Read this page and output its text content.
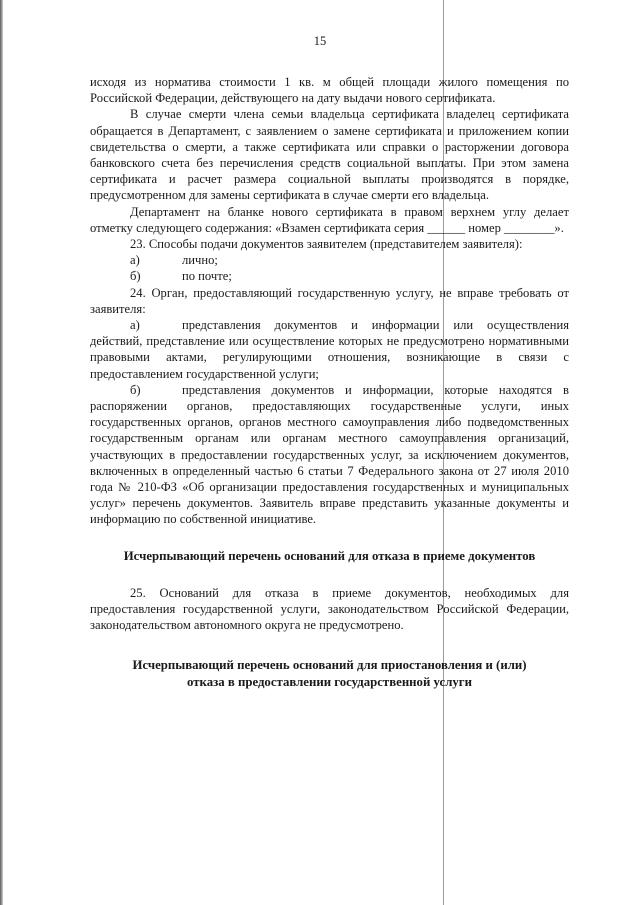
15

исходя из норматива стоимости 1 кв. м общей площади жилого помещения по Российской Федерации, действующего на дату выдачи нового сертификата.

В случае смерти члена семьи владельца сертификата владелец сертификата обращается в Департамент, с заявлением о замене сертификата и приложением копии свидетельства о смерти, а также сертификата или справки о расторжении договора банковского счета без перечисления средств социальной выплаты. При этом замена сертификата и расчет размера социальной выплаты производятся в порядке, предусмотренном для замены сертификата в случае смерти его владельца.

Департамент на бланке нового сертификата в правом верхнем углу делает отметку следующего содержания: «Взамен сертификата серия ______ номер ________».

23. Способы подачи документов заявителем (представителем заявителя):

а)	лично;

б)	по почте;

24. Орган, предоставляющий государственную услугу, не вправе требовать от заявителя:

а)	представления документов и информации или осуществления действий, представление или осуществление которых не предусмотрено нормативными правовыми актами, регулирующими отношения, возникающие в связи с предоставлением государственной услуги;

б)	представления документов и информации, которые находятся в распоряжении органов, предоставляющих государственные услуги, иных государственных органов, органов местного самоуправления либо подведомственных государственным органам или органам местного самоуправления организаций, участвующих в предоставлении государственных услуг, за исключением документов, включенных в определенный частью 6 статьи 7 Федерального закона от 27 июля 2010 года № 210-ФЗ «Об организации предоставления государственных и муниципальных услуг» перечень документов. Заявитель вправе представить указанные документы и информацию по собственной инициативе.

Исчерпывающий перечень оснований для отказа в приеме документов

25. Оснований для отказа в приеме документов, необходимых для предоставления государственной услуги, законодательством Российской Федерации, законодательством автономного округа не предусмотрено.

Исчерпывающий перечень оснований для приостановления и (или)

отказа в предоставлении государственной услуги
